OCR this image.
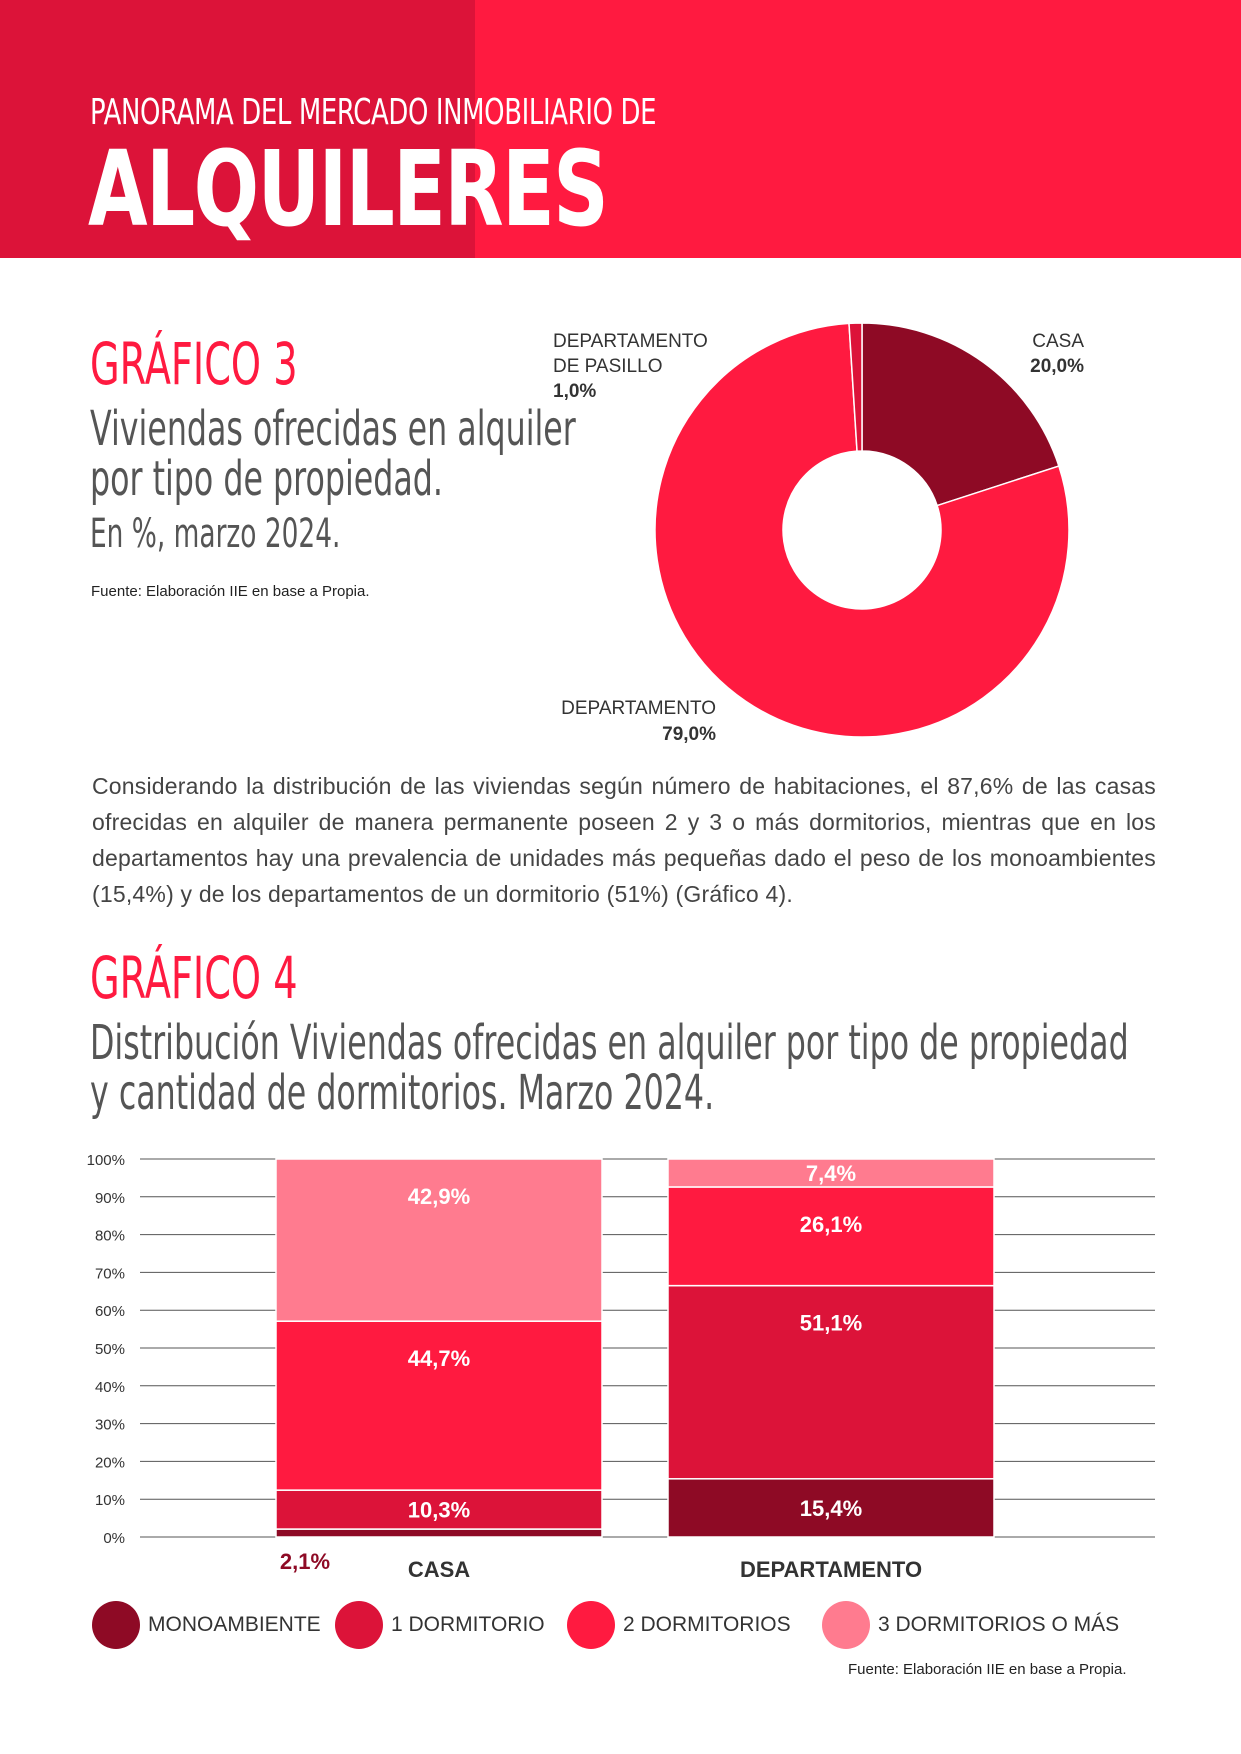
PANORAMA DEL MERCADO INMOBILIARIO DE
ALQUILERES
GRÁFICO 3
Viviendas ofrecidas en alquiler
por tipo de propiedad.
En %, marzo 2024.
Fuente: Elaboración IIE en base a Propia.
CASA
20,0%
DEPARTAMENTO
DE PASILLO
1,0%
DEPARTAMENTO
79,0%
Considerando la distribución de las viviendas según número de habitaciones, el 87,6% de las casas ofrecidas en alquiler de manera permanente poseen 2 y 3 o más dormitorios, mientras que en los departamentos hay una prevalencia de unidades más pequeñas dado el peso de los monoambientes (15,4%) y de los departamentos de un dormitorio (51%) (Gráfico 4).
GRÁFICO 4
Distribución Viviendas ofrecidas en alquiler por tipo de propiedad
y cantidad de dormitorios. Marzo 2024.
2,1%
10,3%
44,7%
42,9%
15,4%
51,1%
26,1%
7,4%
0%
10%
20%
30%
40%
50%
60%
70%
80%
90%
100%
CASA	DEPARTAMENTO
MONOAMBIENTE	1 DORMITORIO	2 DORMITORIOS	3 DORMITORIOS O MÁS
Fuente: Elaboración IIE en base a Propia.
